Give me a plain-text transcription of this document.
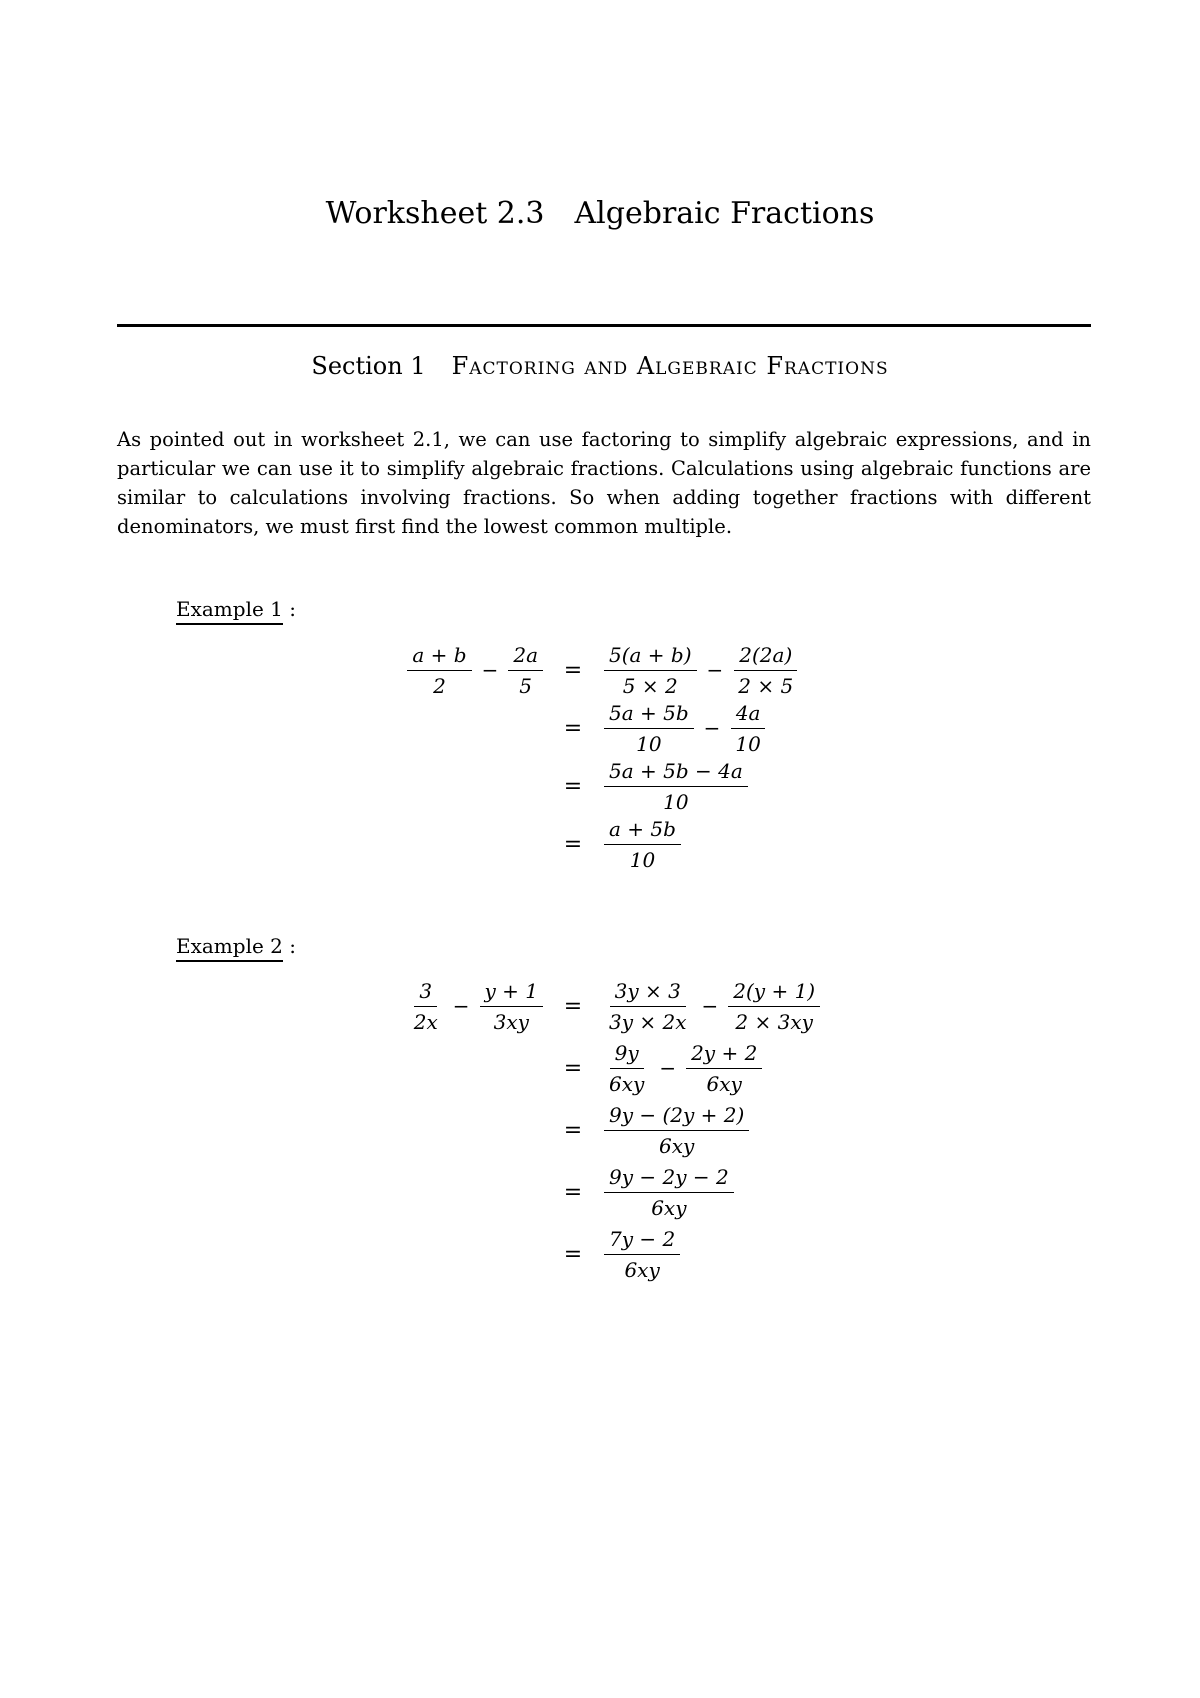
Worksheet 2.3 Algebraic Fractions
Section 1 Factoring and Algebraic Fractions
As pointed out in worksheet 2.1, we can use factoring to simplify algebraic expressions, and in particular we can use it to simplify algebraic fractions. Calculations using algebraic functions are similar to calculations involving fractions. So when adding together fractions with different denominators, we must first find the lowest common multiple.
Example 1 :
$\frac{a + b}{2} - \frac{2a}{5} = \frac{5(a + b)}{5 \times 2} - \frac{2(2a)}{2 \times 5}$
= $\frac{5a + 5b}{10} - \frac{4a}{10}$
= $\frac{5a + 5b - 4a}{10}$
= $\frac{a + 5b}{10}$
Example 2 :
$\frac{3}{2x} - \frac{y + 1}{3xy} = \frac{3y \times 3}{3y \times 2x} - \frac{2(y + 1)}{2 \times 3xy}$
= $\frac{9y}{6xy} - \frac{2y + 2}{6xy}$
= $\frac{9y - (2y + 2)}{6xy}$
= $\frac{9y - 2y - 2}{6xy}$
= $\frac{7y - 2}{6xy}$
